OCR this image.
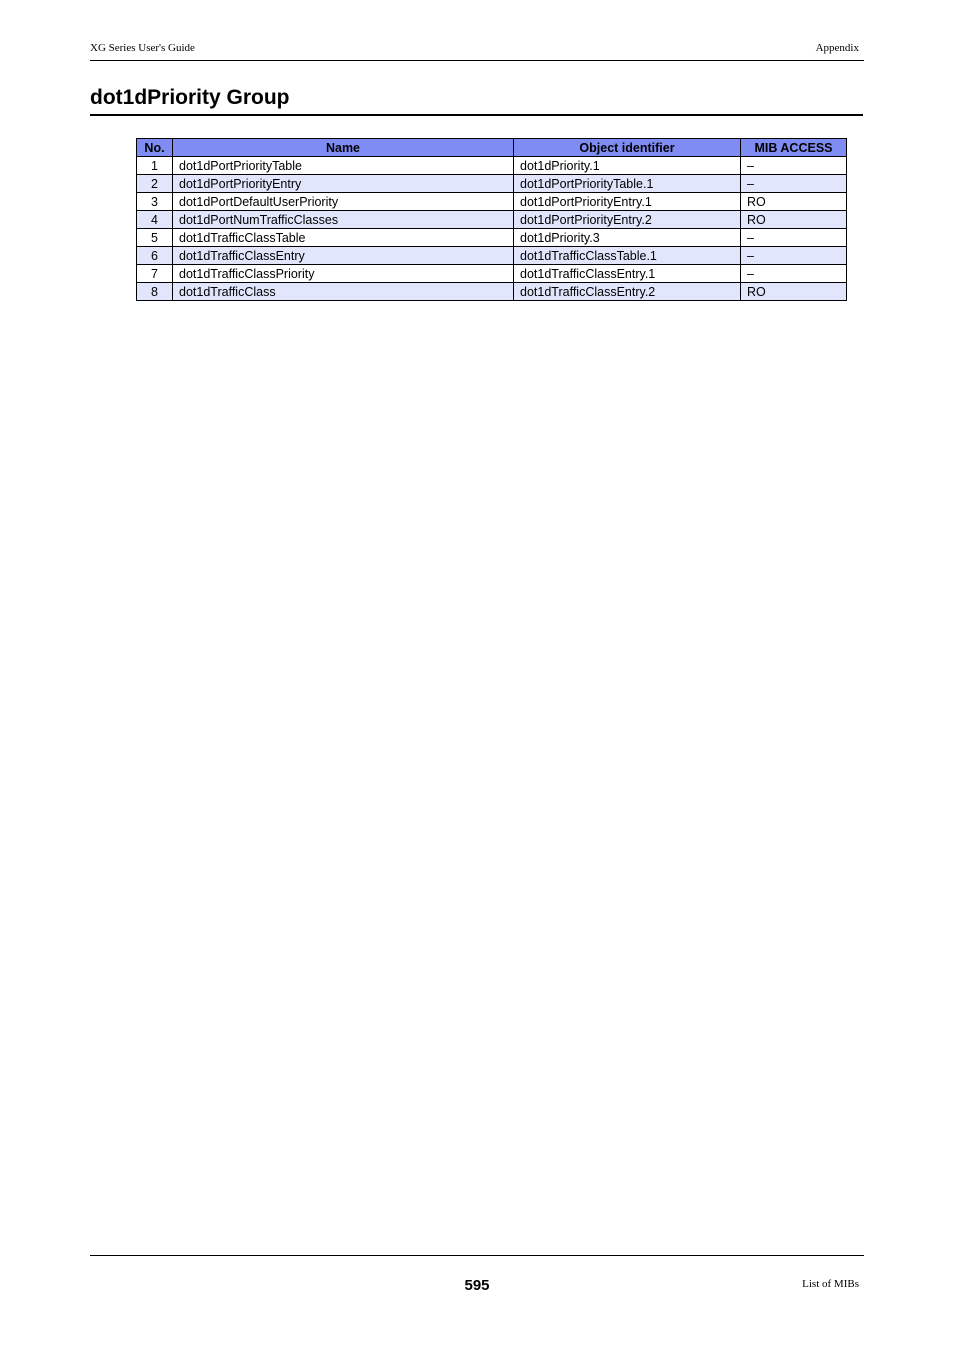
XG Series User's Guide	Appendix
dot1dPriority Group
No.	Name	Object identifier	MIB ACCESS
1	dot1dPortPriorityTable	dot1dPriority.1	–
2	dot1dPortPriorityEntry	dot1dPortPriorityTable.1	–
3	dot1dPortDefaultUserPriority	dot1dPortPriorityEntry.1	RO
4	dot1dPortNumTrafficClasses	dot1dPortPriorityEntry.2	RO
5	dot1dTrafficClassTable	dot1dPriority.3	–
6	dot1dTrafficClassEntry	dot1dTrafficClassTable.1	–
7	dot1dTrafficClassPriority	dot1dTrafficClassEntry.1	–
8	dot1dTrafficClass	dot1dTrafficClassEntry.2	RO
595	List of MIBs
